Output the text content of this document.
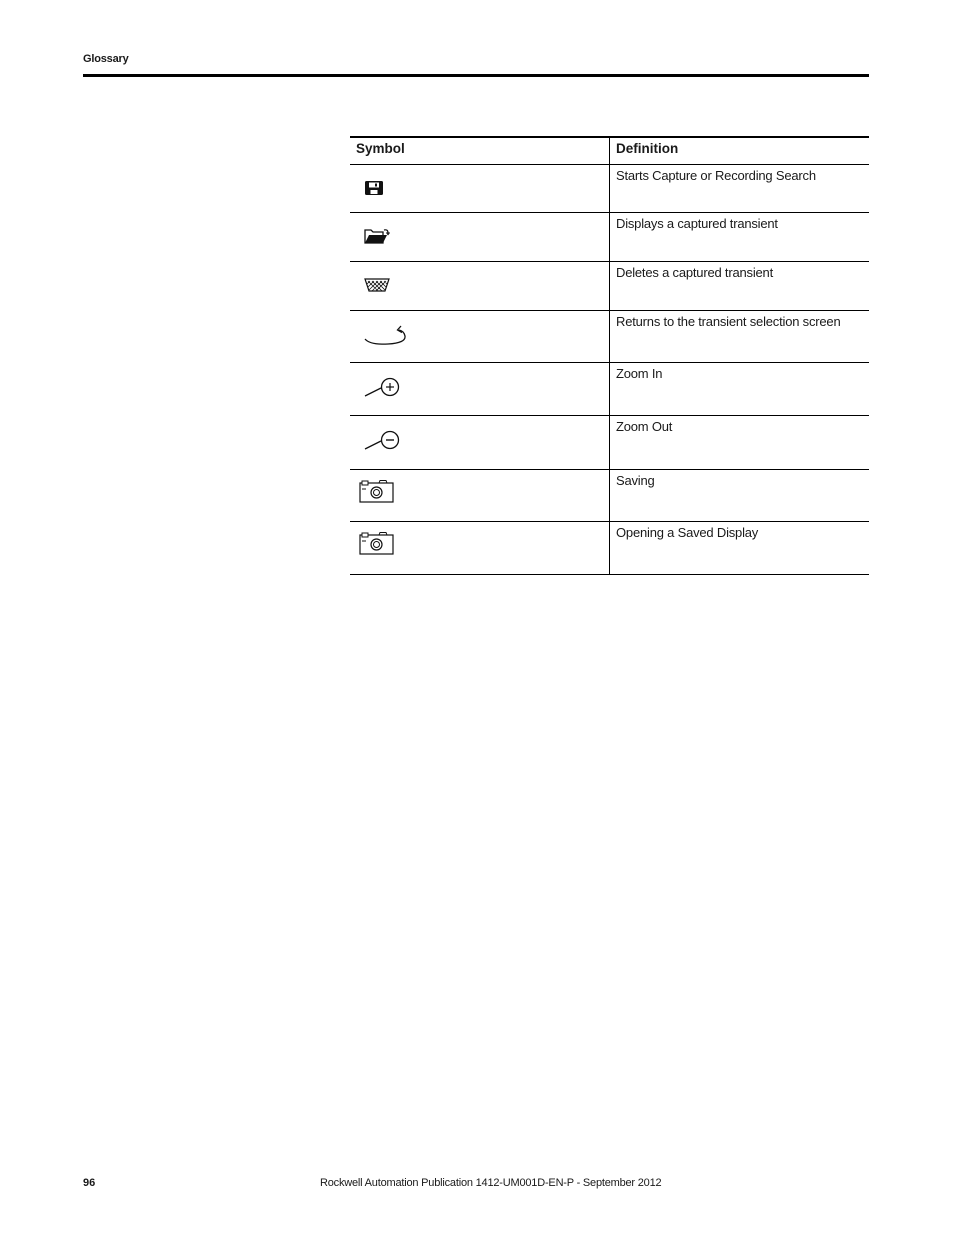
Glossary
Symbol	Definition

	Starts Capture or Recording Search

	Displays a captured transient

	Deletes a captured transient

	Returns to the transient selection screen

	Zoom In

	Zoom Out

	Saving

	Opening a Saved Display
96	Rockwell Automation Publication 1412-UM001D-EN-P - September 2012
